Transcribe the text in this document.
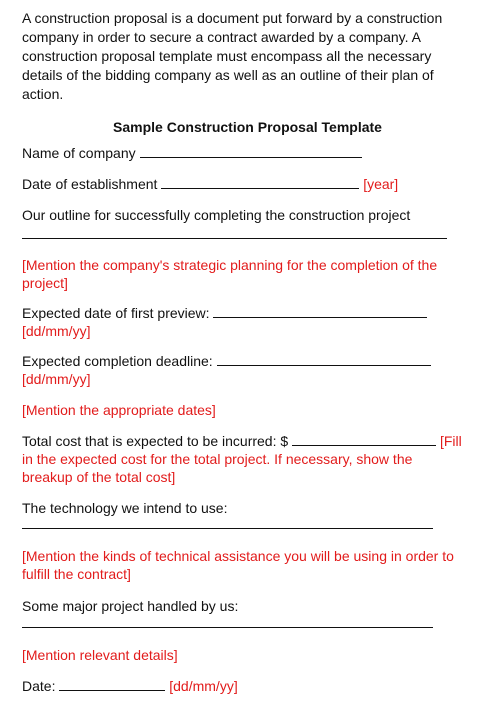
A construction proposal is a document put forward by a construction company in order to secure a contract awarded by a company. A construction proposal template must encompass all the necessary details of the bidding company as well as an outline of their plan of action.
Sample Construction Proposal Template
Name of company
Date of establishment	[year]
Our outline for successfully completing the construction project
[Mention the company's strategic planning for the completion of the project]
Expected date of first preview:
[dd/mm/yy]
Expected completion deadline:
[dd/mm/yy]
[Mention the appropriate dates]
Total cost that is expected to be incurred: $	[Fill
in the expected cost for the total project. If necessary, show the breakup of the total cost]
The technology we intend to use:
[Mention the kinds of technical assistance you will be using in order to fulfill the contract]
Some major project handled by us:
[Mention relevant details]
Date:	[dd/mm/yy]
